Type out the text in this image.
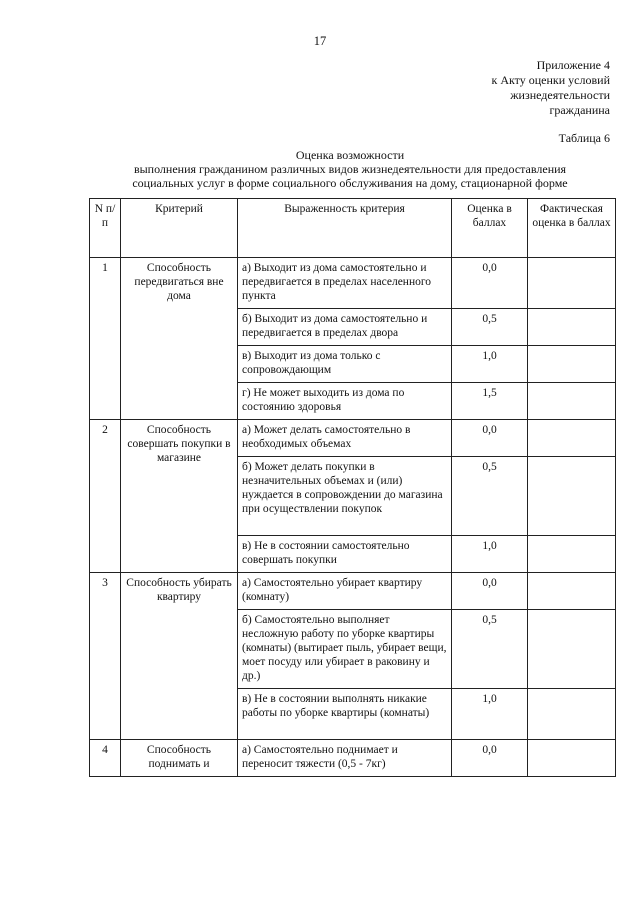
17
Приложение 4
к Акту оценки условий
жизнедеятельности
гражданина
Таблица 6
Оценка возможности
выполнения гражданином различных видов жизнедеятельности для предоставления
социальных услуг в форме социального обслуживания на дому, стационарной форме
N п/п	Критерий	Выраженность критерия	Оценка в баллах	Фактическая оценка в баллах
1	Способность передвигаться вне дома	а) Выходит из дома самостоятельно и передвигается в пределах населенного пункта	0,0	
		б) Выходит из дома самостоятельно и передвигается в пределах двора	0,5	
		в) Выходит из дома только с сопровождающим	1,0	
		г) Не может выходить из дома по состоянию здоровья	1,5	
2	Способность совершать покупки в магазине	а) Может делать самостоятельно в необходимых объемах	0,0	
		б) Может делать покупки в незначительных объемах и (или) нуждается в сопровождении до магазина при осуществлении покупок	0,5	
		в) Не в состоянии самостоятельно совершать покупки	1,0	
3	Способность убирать квартиру	а) Самостоятельно убирает квартиру (комнату)	0,0	
		б) Самостоятельно выполняет несложную работу по уборке квартиры (комнаты) (вытирает пыль, убирает вещи, моет посуду или убирает в раковину и др.)	0,5	
		в) Не в состоянии выполнять никакие работы по уборке квартиры (комнаты)	1,0	
4	Способность поднимать и	а) Самостоятельно поднимает и переносит тяжести (0,5 - 7кг)	0,0	
